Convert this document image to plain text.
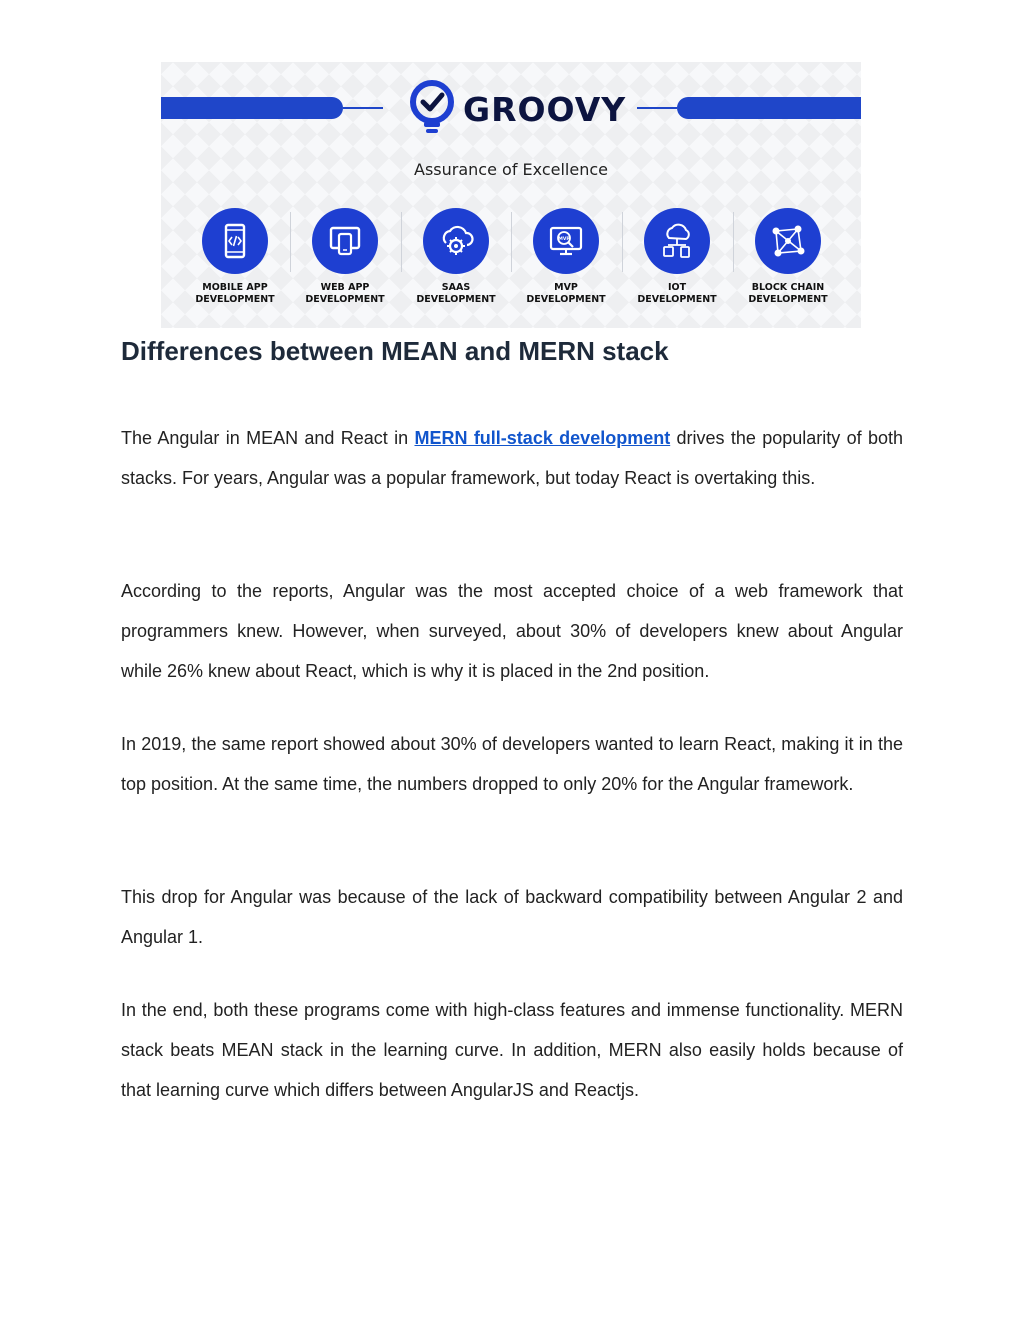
GROOVY
Assurance of Excellence
MOBILE APP
DEVELOPMENT
WEB APP
DEVELOPMENT
SAAS
DEVELOPMENT
MVP
MVP
DEVELOPMENT
IOT
DEVELOPMENT
BLOCK CHAIN
DEVELOPMENT
Differences between MEAN and MERN stack

The Angular in MEAN and React in MERN full-stack development drives the popularity of both stacks. For years, Angular was a popular framework, but today React is overtaking this.

According to the reports, Angular was the most accepted choice of a web framework that programmers knew. However, when surveyed, about 30% of developers knew about Angular while 26% knew about React, which is why it is placed in the 2nd position.

In 2019, the same report showed about 30% of developers wanted to learn React, making it in the top position. At the same time, the numbers dropped to only 20% for the Angular framework.

This drop for Angular was because of the lack of backward compatibility between Angular 2 and Angular 1.

In the end, both these programs come with high-class features and immense functionality. MERN stack beats MEAN stack in the learning curve. In addition, MERN also easily holds because of that learning curve which differs between AngularJS and Reactjs.
